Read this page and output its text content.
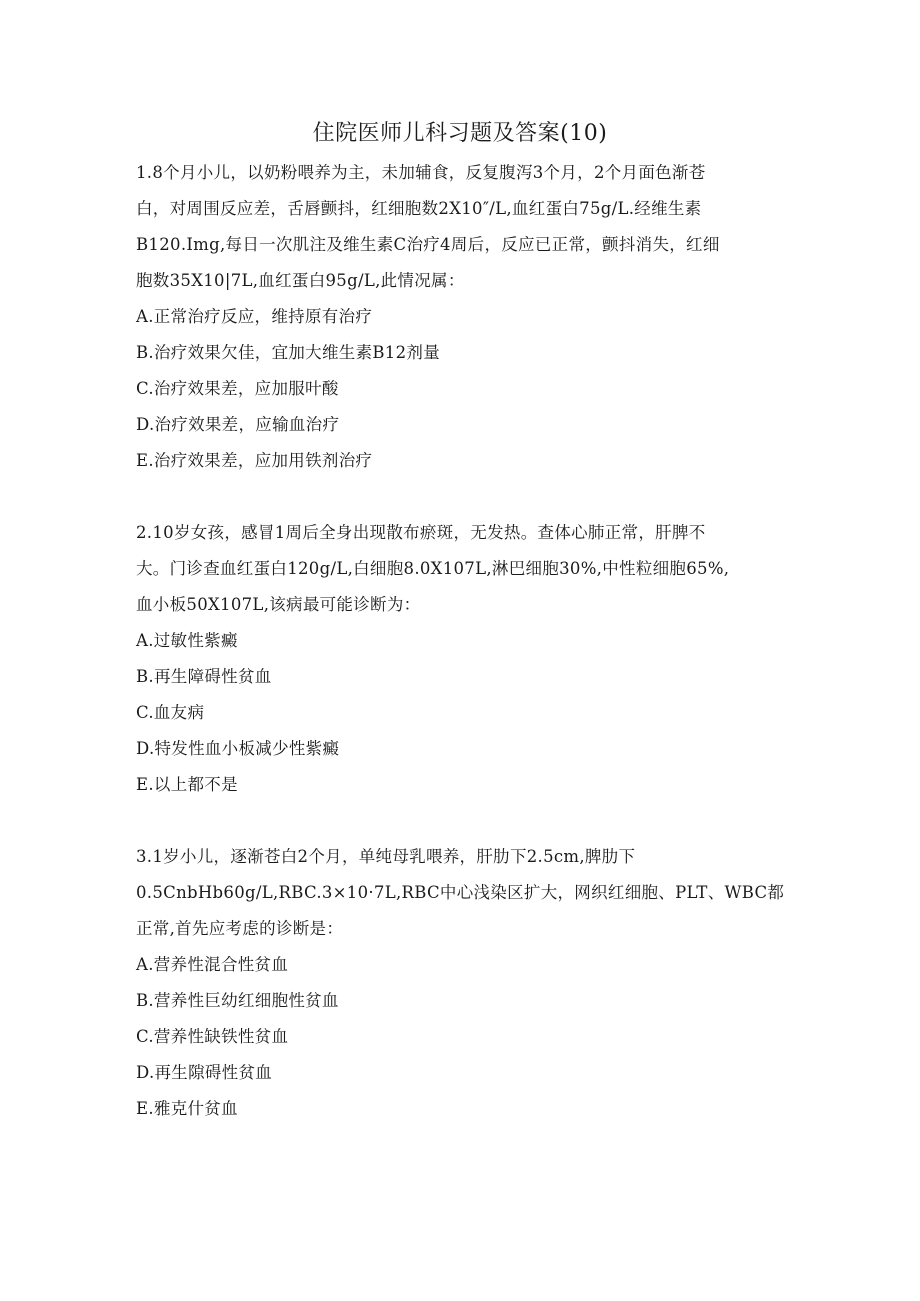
住院医师儿科习题及答案(10)
1.8个月小儿，以奶粉喂养为主，未加辅食，反复腹泻3个月，2个月面色渐苍
白，对周围反应差，舌唇颤抖，红细胞数2X10″/L,血红蛋白75g/L.经维生素
B120.Img,每日一次肌注及维生素C治疗4周后，反应已正常，颤抖消失，红细
胞数35X10|7L,血红蛋白95g/L,此情况属：
A.正常治疗反应，维持原有治疗
B.治疗效果欠佳，宜加大维生素B12剂量
C.治疗效果差，应加服叶酸
D.治疗效果差，应输血治疗
E.治疗效果差，应加用铁剂治疗
2.10岁女孩，感冒1周后全身出现散布瘀斑，无发热。查体心肺正常，肝脾不
大。门诊查血红蛋白120g/L,白细胞8.0X107L,淋巴细胞30%,中性粒细胞65%,
血小板50X107L,该病最可能诊断为：
A.过敏性紫癜
B.再生障碍性贫血
C.血友病
D.特发性血小板减少性紫癜
E.以上都不是
3.1岁小儿，逐渐苍白2个月，单纯母乳喂养，肝肋下2.5cm,脾肋下
0.5CnbHb60g/L,RBC.3×10·7L,RBC中心浅染区扩大，网织红细胞、PLT、WBC都
正常,首先应考虑的诊断是：
A.营养性混合性贫血
B.营养性巨幼红细胞性贫血
C.营养性缺铁性贫血
D.再生隙碍性贫血
E.雅克什贫血
